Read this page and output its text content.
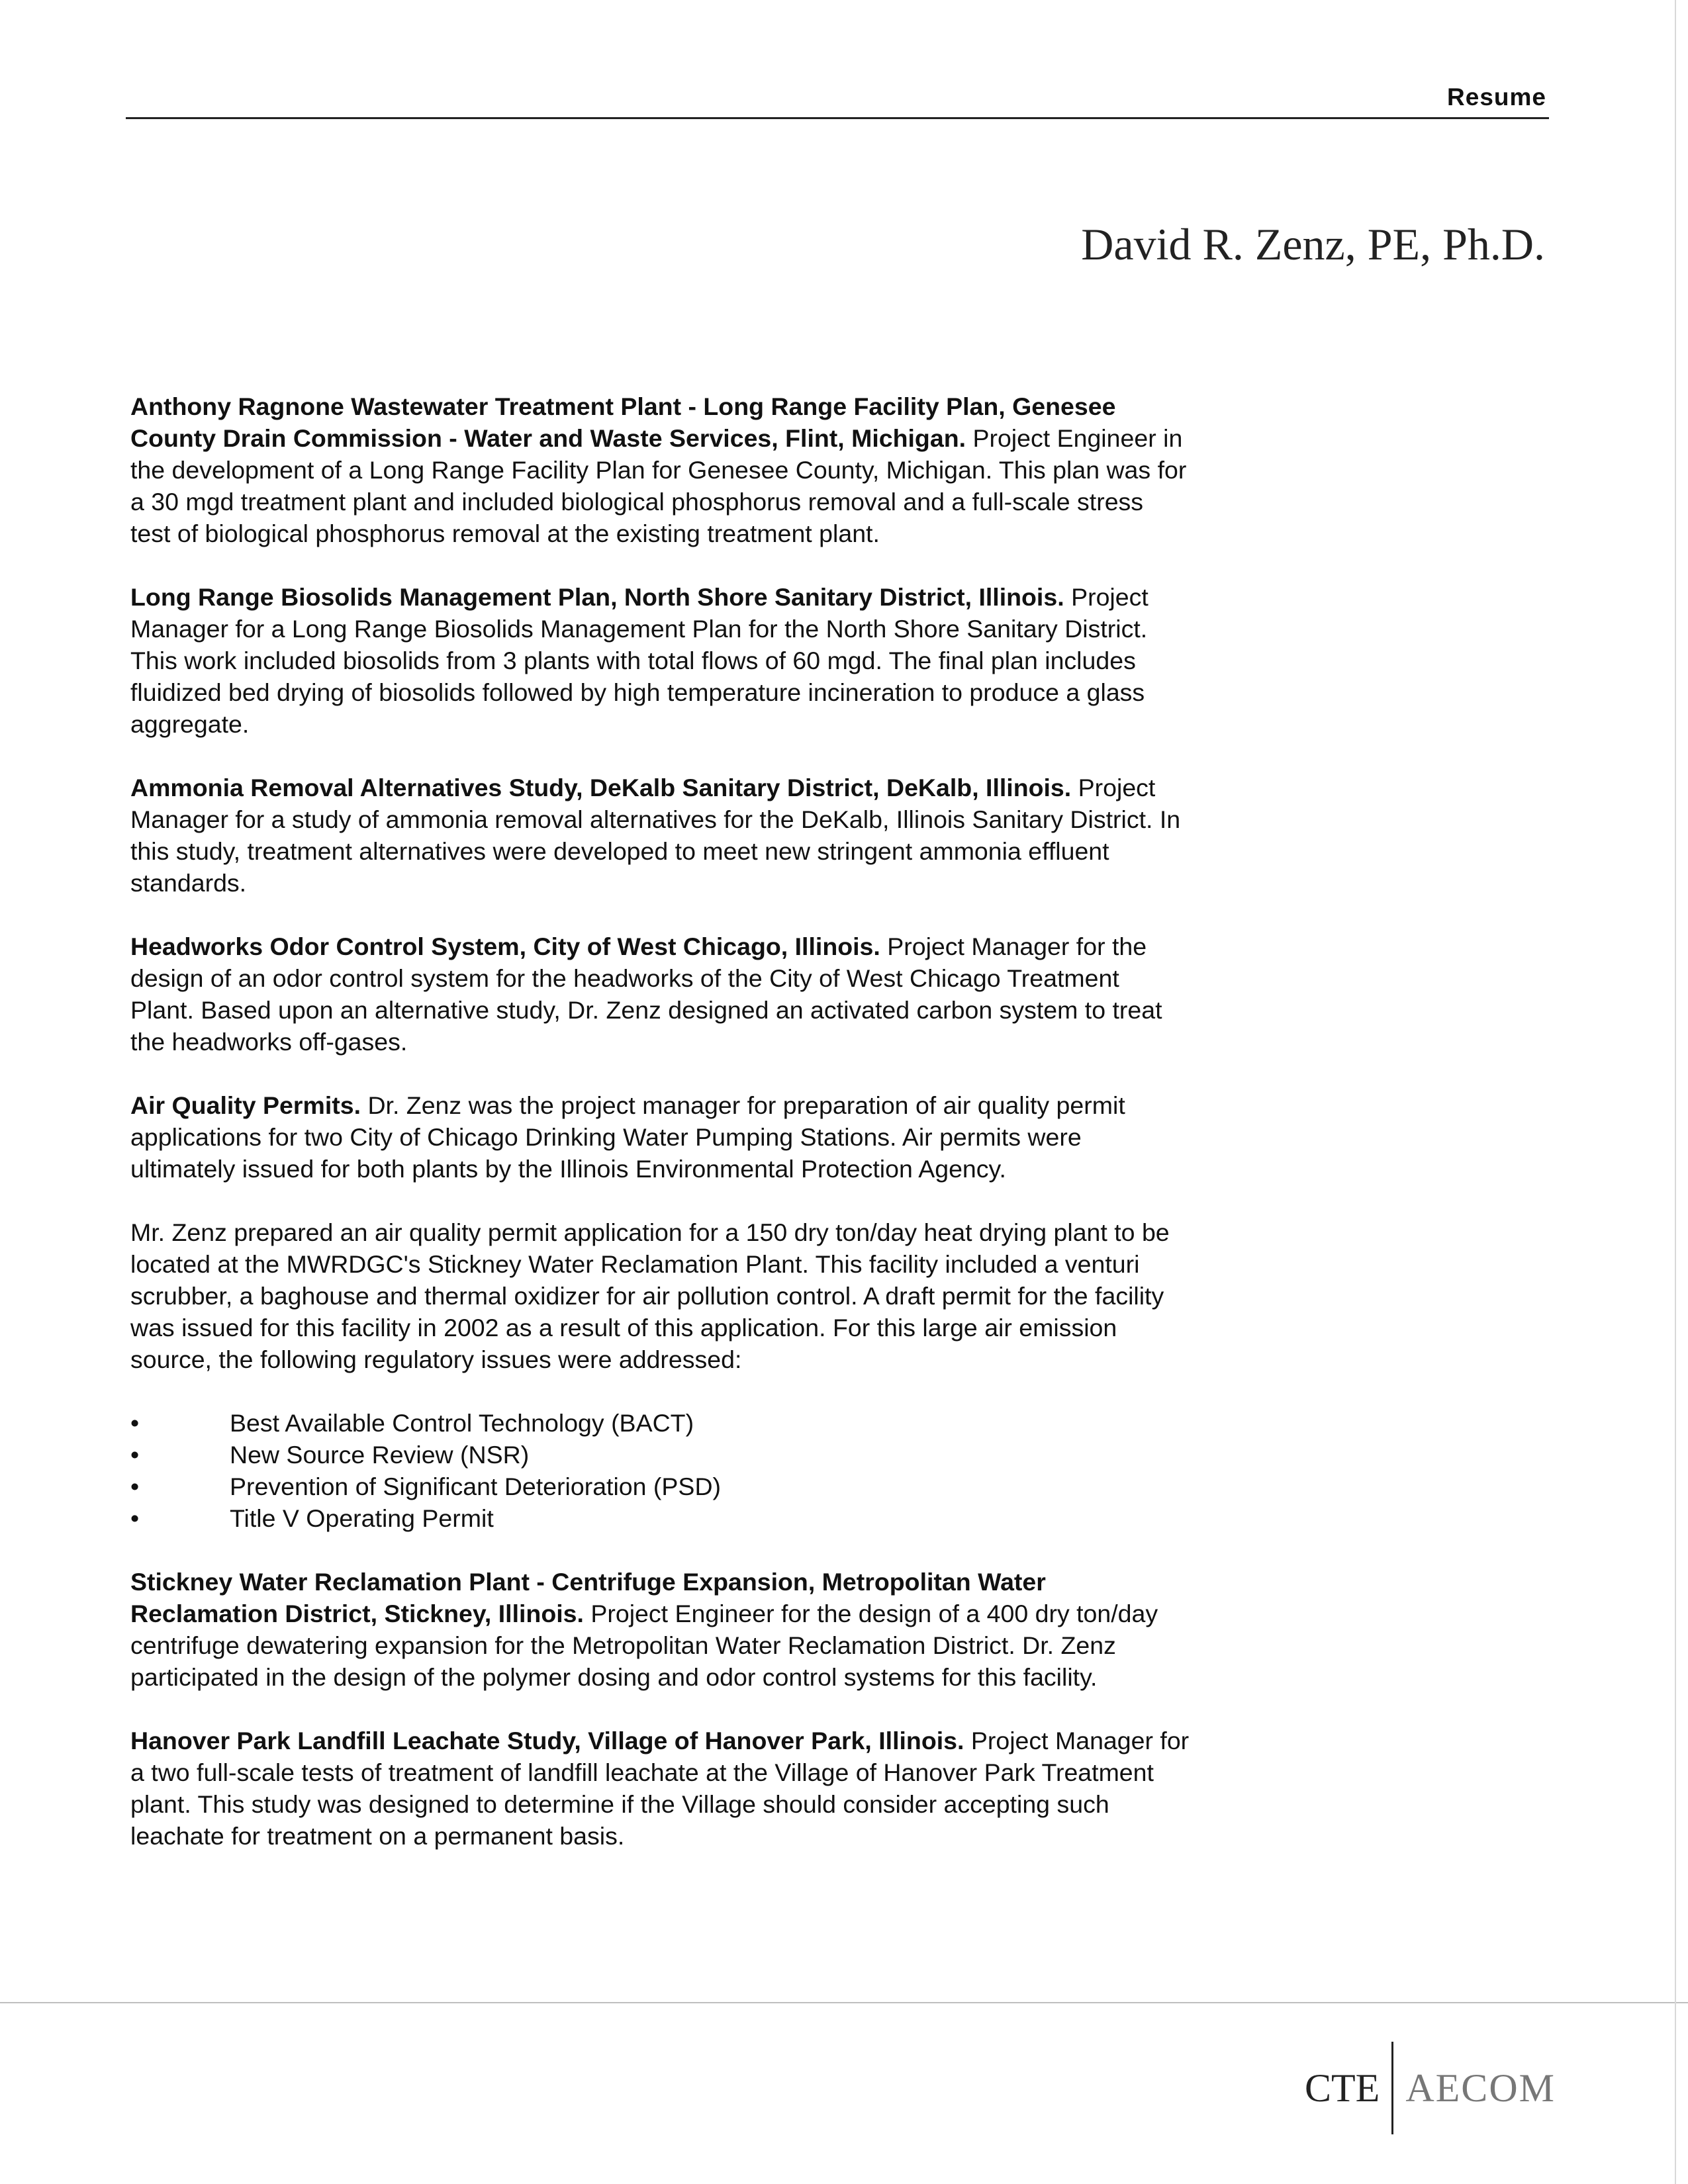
Resume
David R. Zenz, PE, Ph.D.

Anthony Ragnone Wastewater Treatment Plant - Long Range Facility Plan, Genesee County Drain Commission - Water and Waste Services, Flint, Michigan. Project Engineer in the development of a Long Range Facility Plan for Genesee County, Michigan. This plan was for a 30 mgd treatment plant and included biological phosphorus removal and a full-scale stress test of biological phosphorus removal at the existing treatment plant.

Long Range Biosolids Management Plan, North Shore Sanitary District, Illinois. Project Manager for a Long Range Biosolids Management Plan for the North Shore Sanitary District. This work included biosolids from 3 plants with total flows of 60 mgd. The final plan includes fluidized bed drying of biosolids followed by high temperature incineration to produce a glass aggregate.

Ammonia Removal Alternatives Study, DeKalb Sanitary District, DeKalb, Illinois. Project Manager for a study of ammonia removal alternatives for the DeKalb, Illinois Sanitary District. In this study, treatment alternatives were developed to meet new stringent ammonia effluent standards.

Headworks Odor Control System, City of West Chicago, Illinois. Project Manager for the design of an odor control system for the headworks of the City of West Chicago Treatment Plant. Based upon an alternative study, Dr. Zenz designed an activated carbon system to treat the headworks off-gases.

Air Quality Permits. Dr. Zenz was the project manager for preparation of air quality permit applications for two City of Chicago Drinking Water Pumping Stations. Air permits were ultimately issued for both plants by the Illinois Environmental Protection Agency.

Mr. Zenz prepared an air quality permit application for a 150 dry ton/day heat drying plant to be located at the MWRDGC's Stickney Water Reclamation Plant. This facility included a venturi scrubber, a baghouse and thermal oxidizer for air pollution control. A draft permit for the facility was issued for this facility in 2002 as a result of this application. For this large air emission source, the following regulatory issues were addressed:

•	Best Available Control Technology (BACT)
•	New Source Review (NSR)
•	Prevention of Significant Deterioration (PSD)
•	Title V Operating Permit

Stickney Water Reclamation Plant - Centrifuge Expansion, Metropolitan Water Reclamation District, Stickney, Illinois. Project Engineer for the design of a 400 dry ton/day centrifuge dewatering expansion for the Metropolitan Water Reclamation District. Dr. Zenz participated in the design of the polymer dosing and odor control systems for this facility.

Hanover Park Landfill Leachate Study, Village of Hanover Park, Illinois. Project Manager for a two full-scale tests of treatment of landfill leachate at the Village of Hanover Park Treatment plant. This study was designed to determine if the Village should consider accepting such leachate for treatment on a permanent basis.

CTE AECOM
